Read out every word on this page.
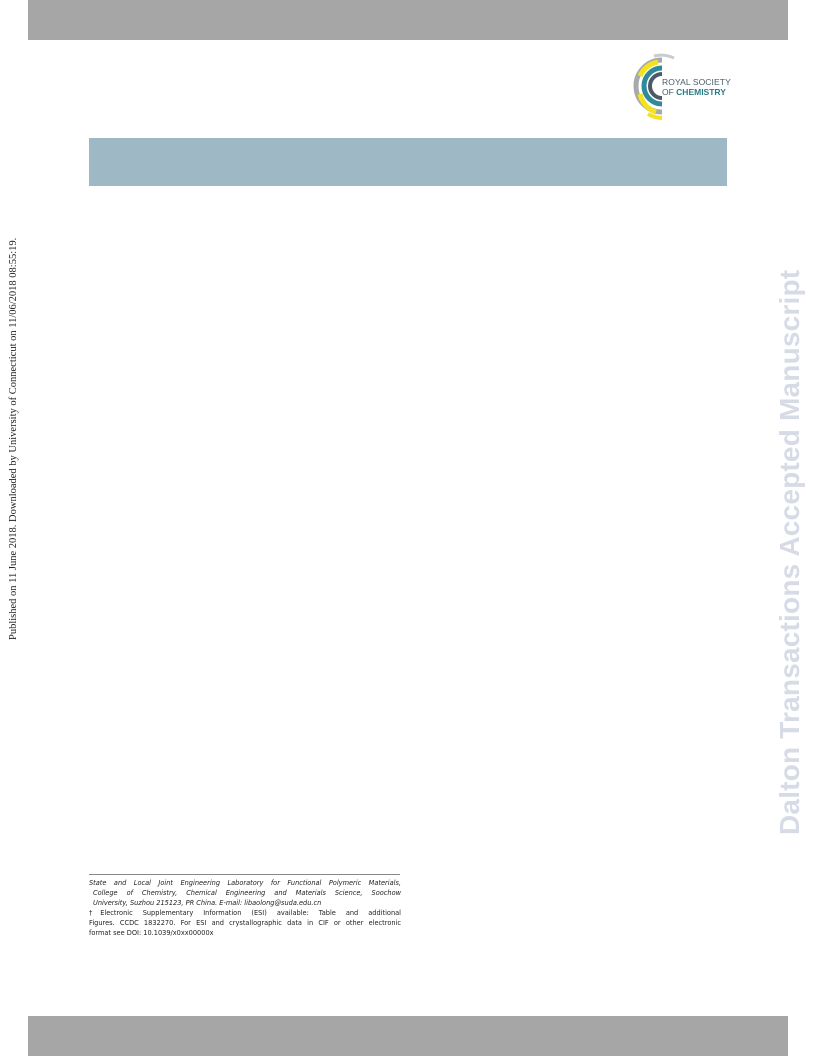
ROYAL SOCIETY
OF CHEMISTRY
Published on 11 June 2018. Downloaded by University of Connecticut on 11/06/2018 08:55:19.	Dalton Transactions Accepted Manuscript
State and Local Joint Engineering Laboratory for Functional Polymeric Materials,
College of Chemistry, Chemical Engineering and Materials Science, Soochow
University, Suzhou 215123, PR China. E-mail: libaolong@suda.edu.cn
†Electronic Supplementary Information (ESI) available: Table and additional
Figures. CCDC 1832270. For ESI and crystallographic data in CIF or other electronic
format see DOI: 10.1039/x0xx00000x
